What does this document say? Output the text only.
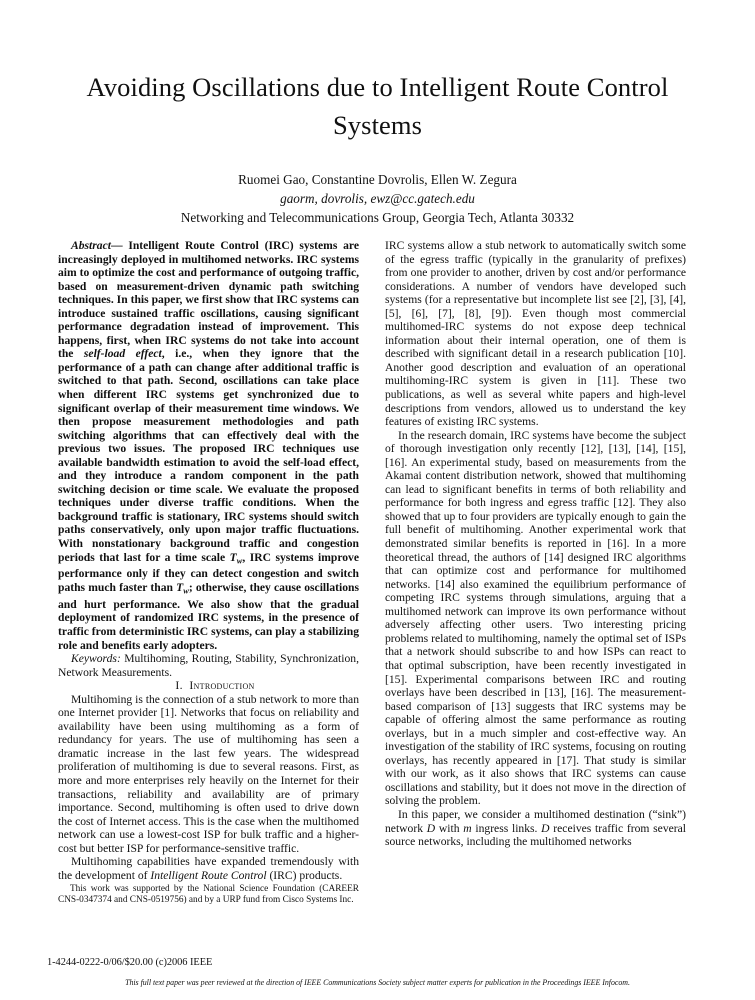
Avoiding Oscillations due to Intelligent Route Control Systems
Ruomei Gao, Constantine Dovrolis, Ellen W. Zegura
gaorm, dovrolis, ewz@cc.gatech.edu
Networking and Telecommunications Group, Georgia Tech, Atlanta 30332

Abstract— Intelligent Route Control (IRC) systems are increasingly deployed in multihomed networks. IRC systems aim to optimize the cost and performance of outgoing traffic, based on measurement-driven dynamic path switching techniques. In this paper, we first show that IRC systems can introduce sustained traffic oscillations, causing significant performance degradation instead of improvement. This happens, first, when IRC systems do not take into account the self-load effect, i.e., when they ignore that the performance of a path can change after additional traffic is switched to that path. Second, oscillations can take place when different IRC systems get synchronized due to significant overlap of their measurement time windows. We then propose measurement methodologies and path switching algorithms that can effectively deal with the previous two issues. The proposed IRC techniques use available bandwidth estimation to avoid the self-load effect, and they introduce a random component in the path switching decision or time scale. We evaluate the proposed techniques under diverse traffic conditions. When the background traffic is stationary, IRC systems should switch paths conservatively, only upon major traffic fluctuations. With nonstationary background traffic and congestion periods that last for a time scale $T_w$, IRC systems improve performance only if they can detect congestion and switch paths much faster than $T_w$; otherwise, they cause oscillations and hurt performance. We also show that the gradual deployment of randomized IRC systems, in the presence of traffic from deterministic IRC systems, can play a stabilizing role and benefits early adopters.

Keywords: Multihoming, Routing, Stability, Synchronization, Network Measurements.

I. Introduction

Multihoming is the connection of a stub network to more than one Internet provider [1]. Networks that focus on reliability and availability have been using multihoming as a form of redundancy for years. The use of multihoming has seen a dramatic increase in the last few years. The widespread proliferation of multihoming is due to several reasons. First, as more and more enterprises rely heavily on the Internet for their transactions, reliability and availability are of primary importance. Second, multihoming is often used to drive down the cost of Internet access. This is the case when the multihomed network can use a lowest-cost ISP for bulk traffic and a higher-cost but better ISP for performance-sensitive traffic.

Multihoming capabilities have expanded tremendously with the development of Intelligent Route Control (IRC) products.

This work was supported by the National Science Foundation (CAREER CNS-0347374 and CNS-0519756) and by a URP fund from Cisco Systems Inc.

IRC systems allow a stub network to automatically switch some of the egress traffic (typically in the granularity of prefixes) from one provider to another, driven by cost and/or performance considerations. A number of vendors have developed such systems (for a representative but incomplete list see [2], [3], [4], [5], [6], [7], [8], [9]). Even though most commercial multihomed-IRC systems do not expose deep technical information about their internal operation, one of them is described with significant detail in a research publication [10]. Another good description and evaluation of an operational multihoming-IRC system is given in [11]. These two publications, as well as several white papers and high-level descriptions from vendors, allowed us to understand the key features of existing IRC systems.

In the research domain, IRC systems have become the subject of thorough investigation only recently [12], [13], [14], [15], [16]. An experimental study, based on measurements from the Akamai content distribution network, showed that multihoming can lead to significant benefits in terms of both reliability and performance for both ingress and egress traffic [12]. They also showed that up to four providers are typically enough to gain the full benefit of multihoming. Another experimental work that demonstrated similar benefits is reported in [16]. In a more theoretical thread, the authors of [14] designed IRC algorithms that can optimize cost and performance for multihomed networks. [14] also examined the equilibrium performance of competing IRC systems through simulations, arguing that a multihomed network can improve its own performance without adversely affecting other users. Two interesting pricing problems related to multihoming, namely the optimal set of ISPs that a network should subscribe to and how ISPs can react to that optimal subscription, have been recently investigated in [15]. Experimental comparisons between IRC and routing overlays have been described in [13], [16]. The measurement-based comparison of [13] suggests that IRC systems may be capable of offering almost the same performance as routing overlays, but in a much simpler and cost-effective way. An investigation of the stability of IRC systems, focusing on routing overlays, has recently appeared in [17]. That study is similar with our work, as it also shows that IRC systems can cause oscillations and stability, but it does not move in the direction of solving the problem.

In this paper, we consider a multihomed destination (“sink”) network D with m ingress links. D receives traffic from several source networks, including the multihomed networks

1-4244-0222-0/06/$20.00 (c)2006 IEEE
This full text paper was peer reviewed at the direction of IEEE Communications Society subject matter experts for publication in the Proceedings IEEE Infocom.
